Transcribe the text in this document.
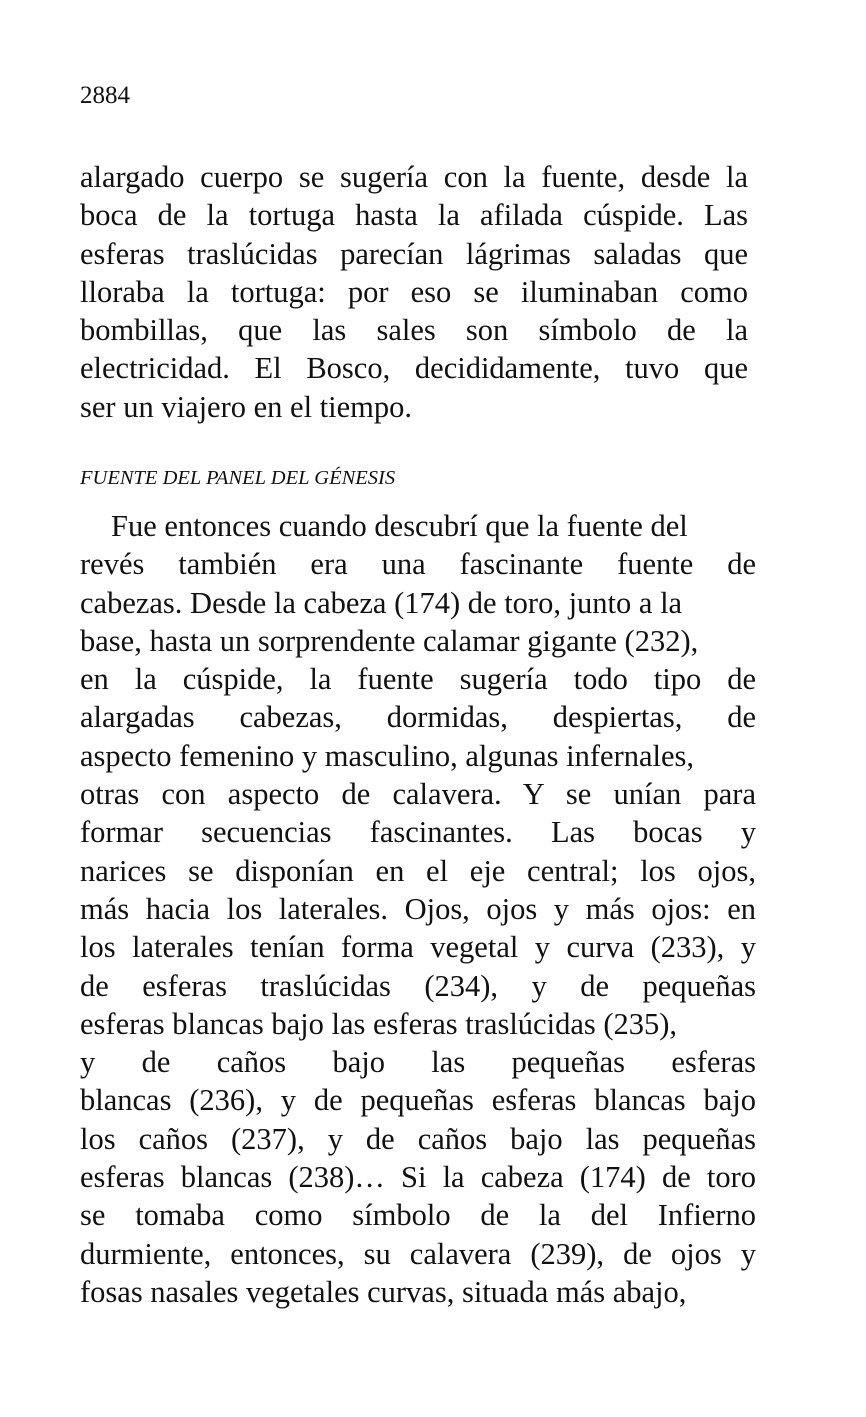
2884

alargado cuerpo se sugería con la fuente, desde la
boca de la tortuga hasta la afilada cúspide. Las
esferas traslúcidas parecían lágrimas saladas que
lloraba la tortuga: por eso se iluminaban como
bombillas, que las sales son símbolo de la
electricidad. El Bosco, decididamente, tuvo que
ser un viajero en el tiempo.

FUENTE DEL PANEL DEL GÉNESIS

Fue entonces cuando descubrí que la fuente del
revés también era una fascinante fuente de
cabezas. Desde la cabeza (174) de toro, junto a la
base, hasta un sorprendente calamar gigante (232),
en la cúspide, la fuente sugería todo tipo de
alargadas cabezas, dormidas, despiertas, de
aspecto femenino y masculino, algunas infernales,
otras con aspecto de calavera. Y se unían para
formar secuencias fascinantes. Las bocas y
narices se disponían en el eje central; los ojos,
más hacia los laterales. Ojos, ojos y más ojos: en
los laterales tenían forma vegetal y curva (233), y
de esferas traslúcidas (234), y de pequeñas
esferas blancas bajo las esferas traslúcidas (235),
y de caños bajo las pequeñas esferas
blancas (236), y de pequeñas esferas blancas bajo
los caños (237), y de caños bajo las pequeñas
esferas blancas (238)… Si la cabeza (174) de toro
se tomaba como símbolo de la del Infierno
durmiente, entonces, su calavera (239), de ojos y
fosas nasales vegetales curvas, situada más abajo,
